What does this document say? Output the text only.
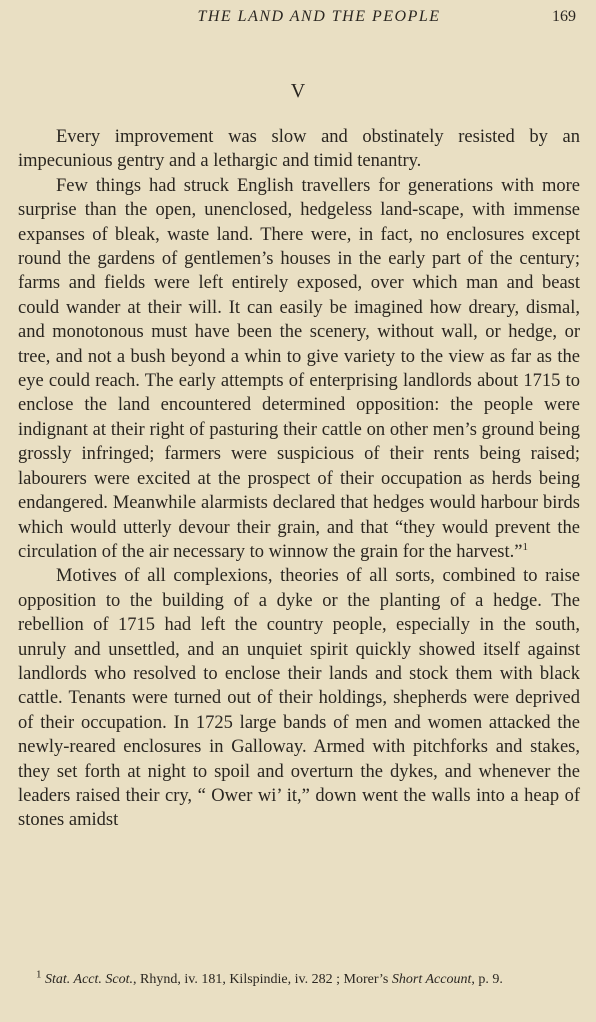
THE LAND AND THE PEOPLE	169
V

Every improvement was slow and obstinately resisted by an impecunious gentry and a lethargic and timid tenantry.

Few things had struck English travellers for generations with more surprise than the open, unenclosed, hedgeless land-scape, with immense expanses of bleak, waste land. There were, in fact, no enclosures except round the gardens of gentlemen’s houses in the early part of the century; farms and fields were left entirely exposed, over which man and beast could wander at their will. It can easily be imagined how dreary, dismal, and monotonous must have been the scenery, without wall, or hedge, or tree, and not a bush beyond a whin to give variety to the view as far as the eye could reach. The early attempts of enterprising landlords about 1715 to enclose the land encountered determined opposition: the people were indignant at their right of pasturing their cattle on other men’s ground being grossly infringed; farmers were suspicious of their rents being raised; labourers were excited at the prospect of their occupation as herds being endangered. Meanwhile alarmists declared that hedges would harbour birds which would utterly devour their grain, and that “they would prevent the circulation of the air necessary to winnow the grain for the harvest.”$^1$

Motives of all complexions, theories of all sorts, combined to raise opposition to the building of a dyke or the planting of a hedge. The rebellion of 1715 had left the country people, especially in the south, unruly and unsettled, and an unquiet spirit quickly showed itself against landlords who resolved to enclose their lands and stock them with black cattle. Tenants were turned out of their holdings, shepherds were deprived of their occupation. In 1725 large bands of men and women attacked the newly-reared enclosures in Galloway. Armed with pitchforks and stakes, they set forth at night to spoil and overturn the dykes, and whenever the leaders raised their cry, “ Ower wi’ it,” down went the walls into a heap of stones amidst

$^1$ Stat. Acct. Scot., Rhynd, iv. 181, Kilspindie, iv. 282 ; Morer’s Short Account, p. 9.
